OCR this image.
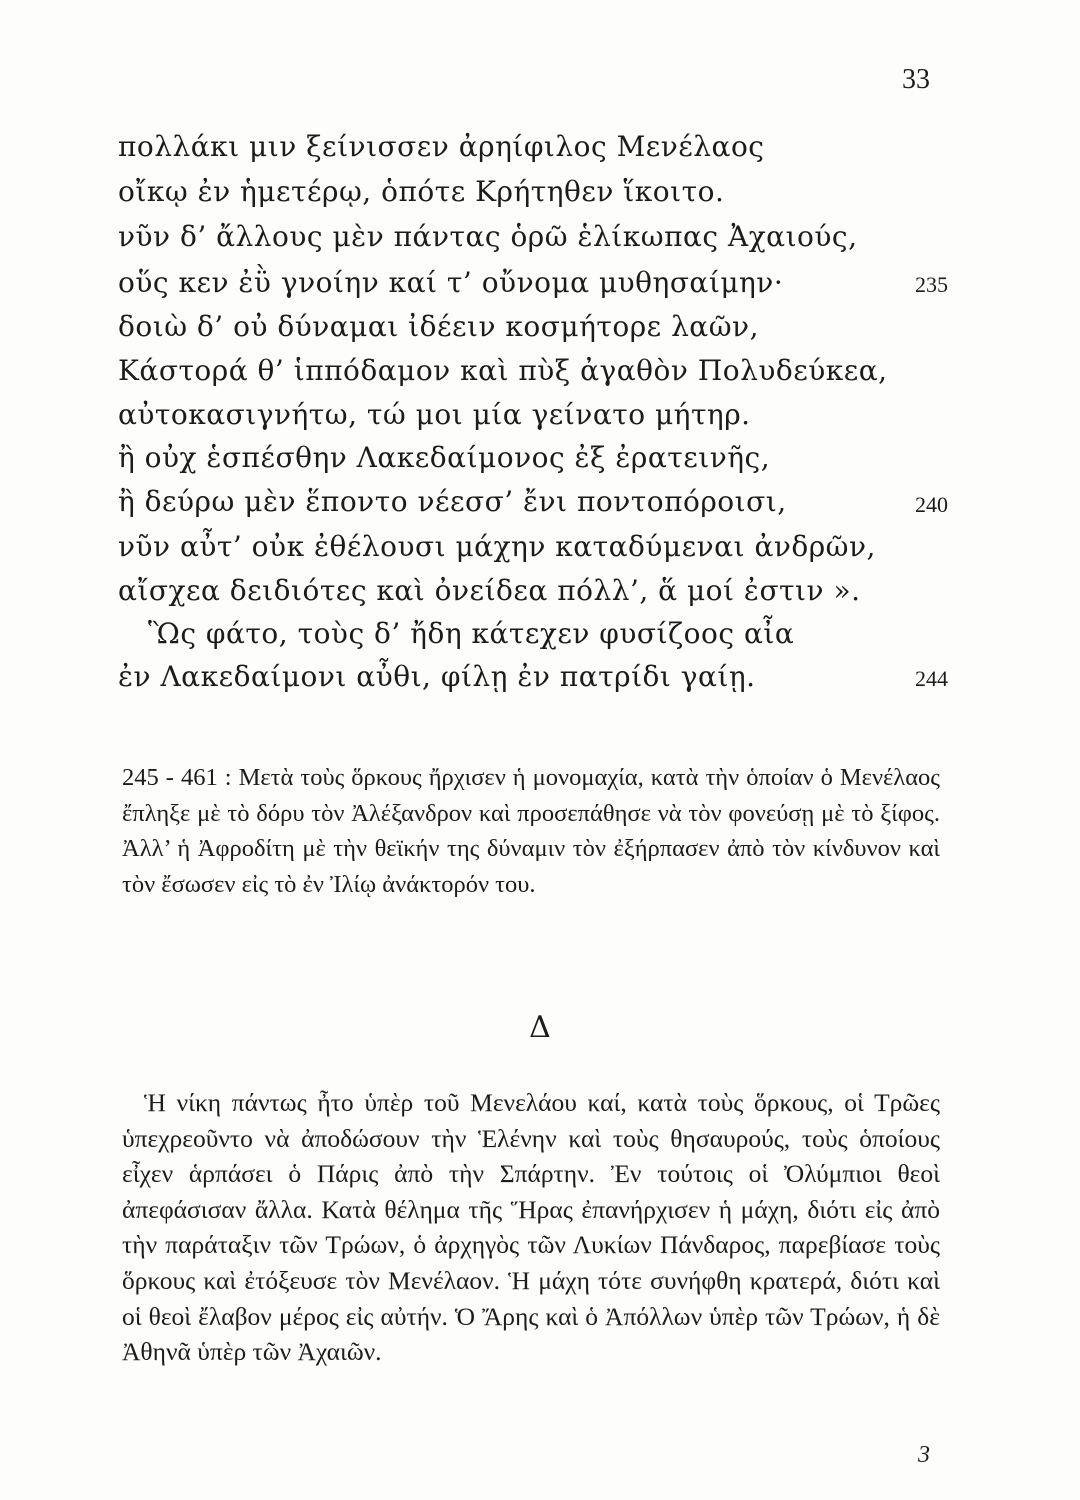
33
πολλάκι μιν ξείνισσεν ἀρηίφιλος Μενέλαος
οἴκῳ ἐν ἡμετέρῳ, ὁπότε Κρήτηθεν ἵκοιτο.
νῦν δ’ ἄλλους μὲν πάντας ὁρῶ ἑλίκωπας Ἀχαιούς,
οὕς κεν ἐῢ γνοίην καί τ’ οὔνομα μυθησαίμην·	235
δοιὼ δ’ οὐ δύναμαι ἰδέειν κοσμήτορε λαῶν,
Κάστορά θ’ ἱππόδαμον καὶ πὺξ ἀγαθὸν Πολυδεύκεα,
αὐτοκασιγνήτω, τώ μοι μία γείνατο μήτηρ.
ἢ οὐχ ἑσπέσθην Λακεδαίμονος ἐξ ἐρατεινῆς,
ἢ δεύρω μὲν ἕποντο νέεσσ’ ἔνι ποντοπόροισι,	240
νῦν αὖτ’ οὐκ ἐθέλουσι μάχην καταδύμεναι ἀνδρῶν,
αἴσχεα δειδιότες καὶ ὀνείδεα πόλλ’, ἅ μοί ἐστιν ».
Ὣς φάτο, τοὺς δ’ ἤδη κάτεχεν φυσίζοος αἶα
ἐν Λακεδαίμονι αὖθι, φίλῃ ἐν πατρίδι γαίῃ.	244

245 - 461 : Μετὰ τοὺς ὅρκους ἤρχισεν ἡ μονομαχία, κατὰ τὴν ὁποίαν ὁ Μενέλαος ἔπληξε μὲ τὸ δόρυ τὸν Ἀλέξανδρον καὶ προσεπάθησε νὰ τὸν φονεύσῃ μὲ τὸ ξίφος. Ἀλλ’ ἡ Ἀφροδίτη μὲ τὴν θεϊκήν της δύναμιν τὸν ἐξήρπασεν ἀπὸ τὸν κίνδυνον καὶ τὸν ἔσωσεν εἰς τὸ ἐν Ἰλίῳ ἀνάκτορόν του.

Δ

Ἡ νίκη πάντως ἦτο ὑπὲρ τοῦ Μενελάου καί, κατὰ τοὺς ὅρκους, οἱ Τρῶες ὑπεχρεοῦντο νὰ ἀποδώσουν τὴν Ἑλένην καὶ τοὺς θησαυρούς, τοὺς ὁποίους εἶχεν ἁρπάσει ὁ Πάρις ἀπὸ τὴν Σπάρτην. Ἐν τούτοις οἱ Ὀλύμπιοι θεοὶ ἀπεφάσισαν ἄλλα. Κατὰ θέλημα τῆς Ἥρας ἐπανήρχισεν ἡ μάχη, διότι εἰς ἀπὸ τὴν παράταξιν τῶν Τρώων, ὁ ἀρχηγὸς τῶν Λυκίων Πάνδαρος, παρεβίασε τοὺς ὅρκους καὶ ἐτόξευσε τὸν Μενέλαον. Ἡ μάχη τότε συνήφθη κρατερά, διότι καὶ οἱ θεοὶ ἔλαβον μέρος εἰς αὐτήν. Ὁ Ἄρης καὶ ὁ Ἀπόλλων ὑπὲρ τῶν Τρώων, ἡ δὲ Ἀθηνᾶ ὑπὲρ τῶν Ἀχαιῶν.

3
